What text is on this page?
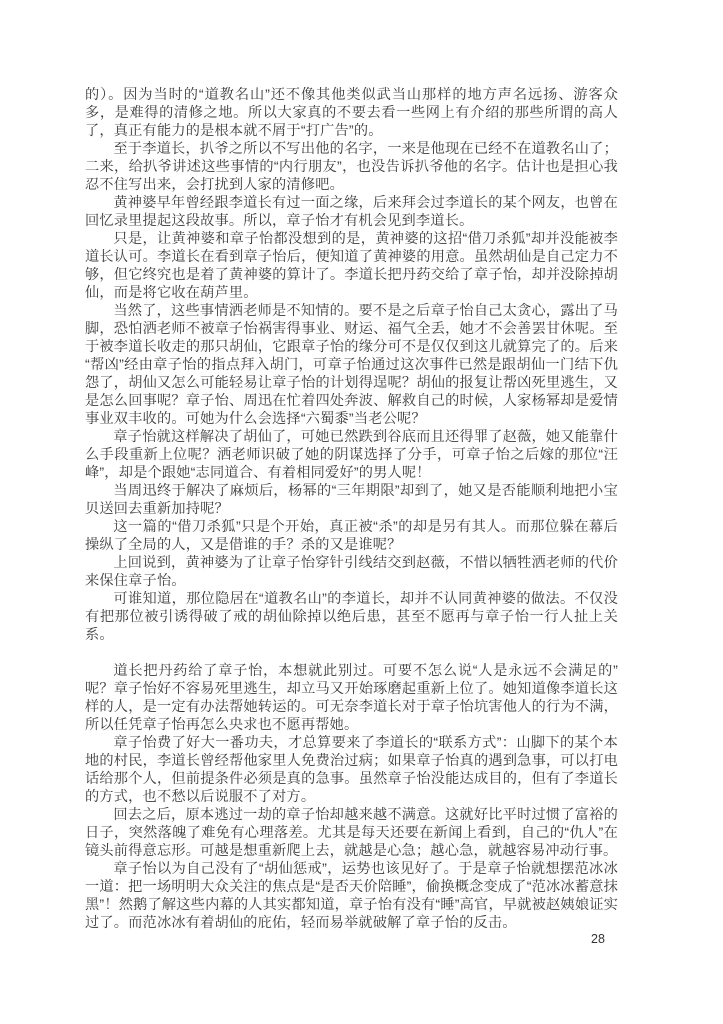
的）。因为当时的“道教名山”还不像其他类似武当山那样的地方声名远扬、游客众多，是难得的清修之地。所以大家真的不要去看一些网上有介绍的那些所谓的高人了，真正有能力的是根本就不屑于“打广告”的。

至于李道长，扒爷之所以不写出他的名字，一来是他现在已经不在道教名山了；二来，给扒爷讲述这些事情的“内行朋友”，也没告诉扒爷他的名字。估计也是担心我忍不住写出来，会打扰到人家的清修吧。

黄神婆早年曾经跟李道长有过一面之缘，后来拜会过李道长的某个网友，也曾在回忆录里提起这段故事。所以，章子怡才有机会见到李道长。

只是，让黄神婆和章子怡都没想到的是，黄神婆的这招“借刀杀狐”却并没能被李道长认可。李道长在看到章子怡后，便知道了黄神婆的用意。虽然胡仙是自己定力不够，但它终究也是着了黄神婆的算计了。李道长把丹药交给了章子怡，却并没除掉胡仙，而是将它收在葫芦里。

当然了，这些事情洒老师是不知情的。要不是之后章子怡自己太贪心，露出了马脚，恐怕洒老师不被章子怡祸害得事业、财运、福气全丢，她才不会善罢甘休呢。至于被李道长收走的那只胡仙，它跟章子怡的缘分可不是仅仅到这儿就算完了的。后来“帮凶”经由章子怡的指点拜入胡门，可章子怡通过这次事件已然是跟胡仙一门结下仇怨了，胡仙又怎么可能轻易让章子怡的计划得逞呢？胡仙的报复让帮凶死里逃生，又是怎么回事呢？章子怡、周迅在忙着四处奔波、解救自己的时候，人家杨幂却是爱情事业双丰收的。可她为什么会选择“六蜀黍”当老公呢？

章子怡就这样解决了胡仙了，可她已然跌到谷底而且还得罪了赵薇，她又能靠什么手段重新上位呢？洒老师识破了她的阴谋选择了分手，可章子怡之后嫁的那位“汪峰”，却是个跟她“志同道合、有着相同爱好”的男人呢！

当周迅终于解决了麻烦后，杨幂的“三年期限”却到了，她又是否能顺利地把小宝贝送回去重新加持呢？

这一篇的“借刀杀狐”只是个开始，真正被“杀”的却是另有其人。而那位躲在幕后操纵了全局的人，又是借谁的手？杀的又是谁呢？

上回说到，黄神婆为了让章子怡穿针引线结交到赵薇，不惜以牺牲洒老师的代价来保住章子怡。

可谁知道，那位隐居在“道教名山”的李道长，却并不认同黄神婆的做法。不仅没有把那位被引诱得破了戒的胡仙除掉以绝后患，甚至不愿再与章子怡一行人扯上关系。

道长把丹药给了章子怡，本想就此别过。可要不怎么说“人是永远不会满足的”呢？章子怡好不容易死里逃生，却立马又开始琢磨起重新上位了。她知道像李道长这样的人，是一定有办法帮她转运的。可无奈李道长对于章子怡坑害他人的行为不满，所以任凭章子怡再怎么央求也不愿再帮她。

章子怡费了好大一番功夫，才总算要来了李道长的“联系方式”：山脚下的某个本地的村民，李道长曾经帮他家里人免费治过病；如果章子怡真的遇到急事，可以打电话给那个人，但前提条件必须是真的急事。虽然章子怡没能达成目的，但有了李道长的方式，也不愁以后说服不了对方。

回去之后，原本逃过一劫的章子怡却越来越不满意。这就好比平时过惯了富裕的日子，突然落魄了难免有心理落差。尤其是每天还要在新闻上看到，自己的“仇人”在镜头前得意忘形。可越是想重新爬上去，就越是心急；越心急，就越容易冲动行事。

章子怡以为自己没有了“胡仙惩戒”，运势也该见好了。于是章子怡就想摆范冰冰一道：把一场明明大众关注的焦点是“是否天价陪睡”，偷换概念变成了“范冰冰蓄意抹黑”！然鹅了解这些内幕的人其实都知道，章子怡有没有“睡”高官，早就被赵姨娘证实过了。而范冰冰有着胡仙的庇佑，轻而易举就破解了章子怡的反击。

28
